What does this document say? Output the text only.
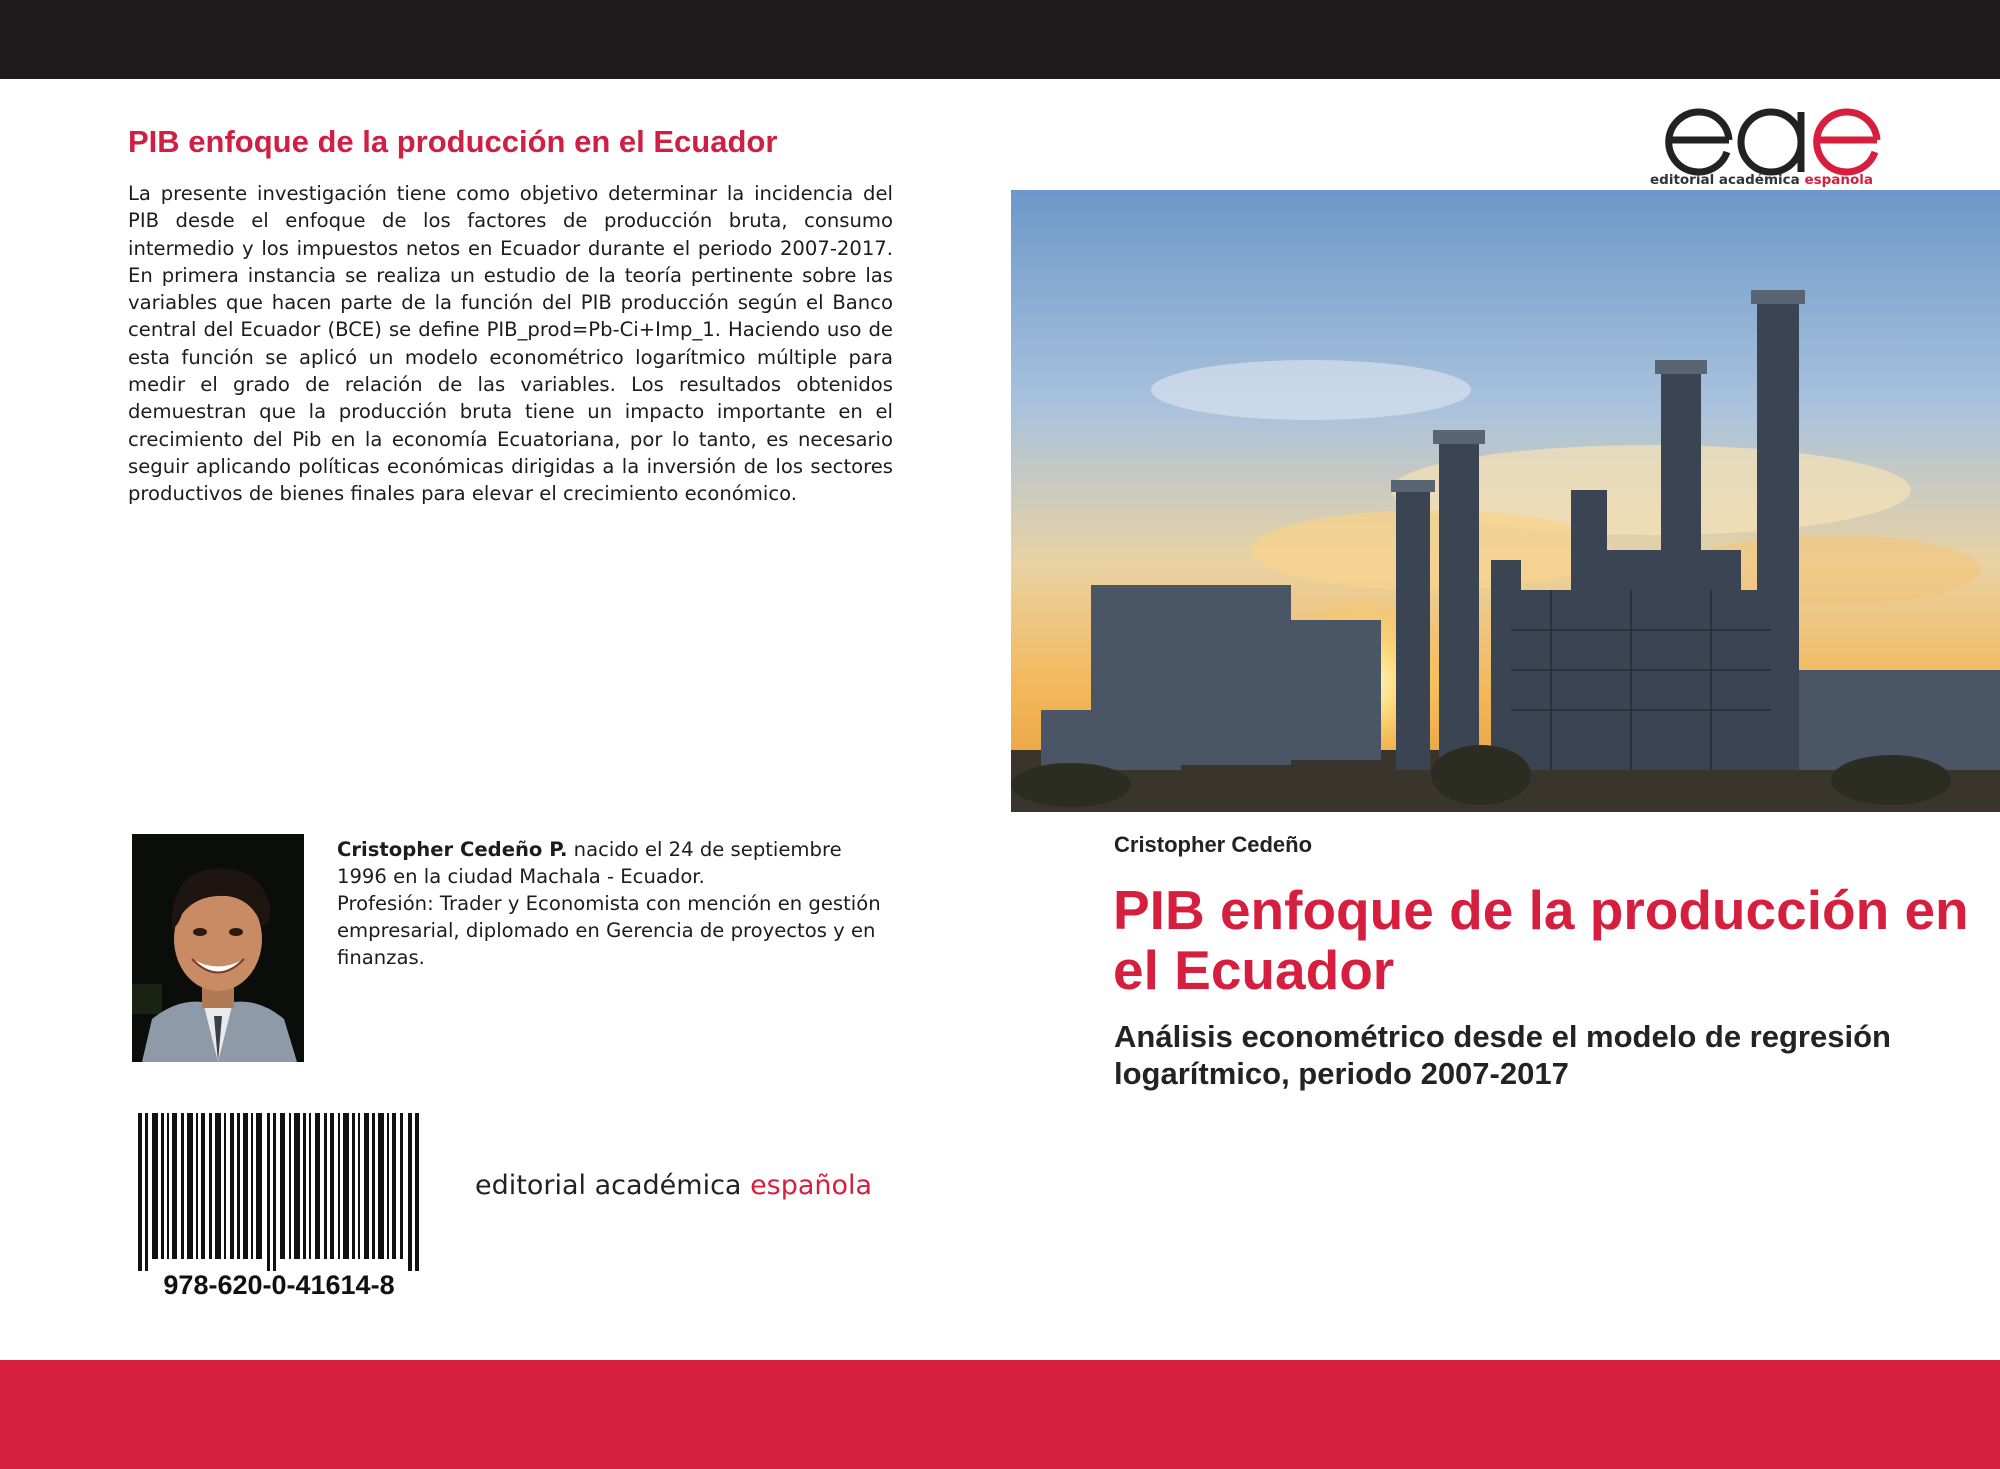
PIB enfoque de la producción en el Ecuador

La presente investigación tiene como objetivo determinar la incidencia del PIB desde el enfoque de los factores de producción bruta, consumo intermedio y los impuestos netos en Ecuador durante el periodo 2007-2017. En primera instancia se realiza un estudio de la teoría pertinente sobre las variables que hacen parte de la función del PIB producción según el Banco central del Ecuador (BCE) se define PIB_prod=Pb-Ci+Imp_1. Haciendo uso de esta función se aplicó un modelo econométrico logarítmico múltiple para medir el grado de relación de las variables. Los resultados obtenidos demuestran que la producción bruta tiene un impacto importante en el crecimiento del Pib en la economía Ecuatoriana, por lo tanto, es necesario seguir aplicando políticas económicas dirigidas a la inversión de los sectores productivos de bienes finales para elevar el crecimiento económico.

Cristopher Cedeño P. nacido el 24 de septiembre 1996 en la ciudad Machala - Ecuador.
Profesión: Trader y Economista con mención en gestión empresarial, diplomado en Gerencia de proyectos y en finanzas.

978-620-0-41614-8

editorial académica española

editorial académica española

Cristopher Cedeño

PIB enfoque de la producción en el Ecuador
Análisis econométrico desde el modelo de regresión logarítmico, periodo 2007-2017
